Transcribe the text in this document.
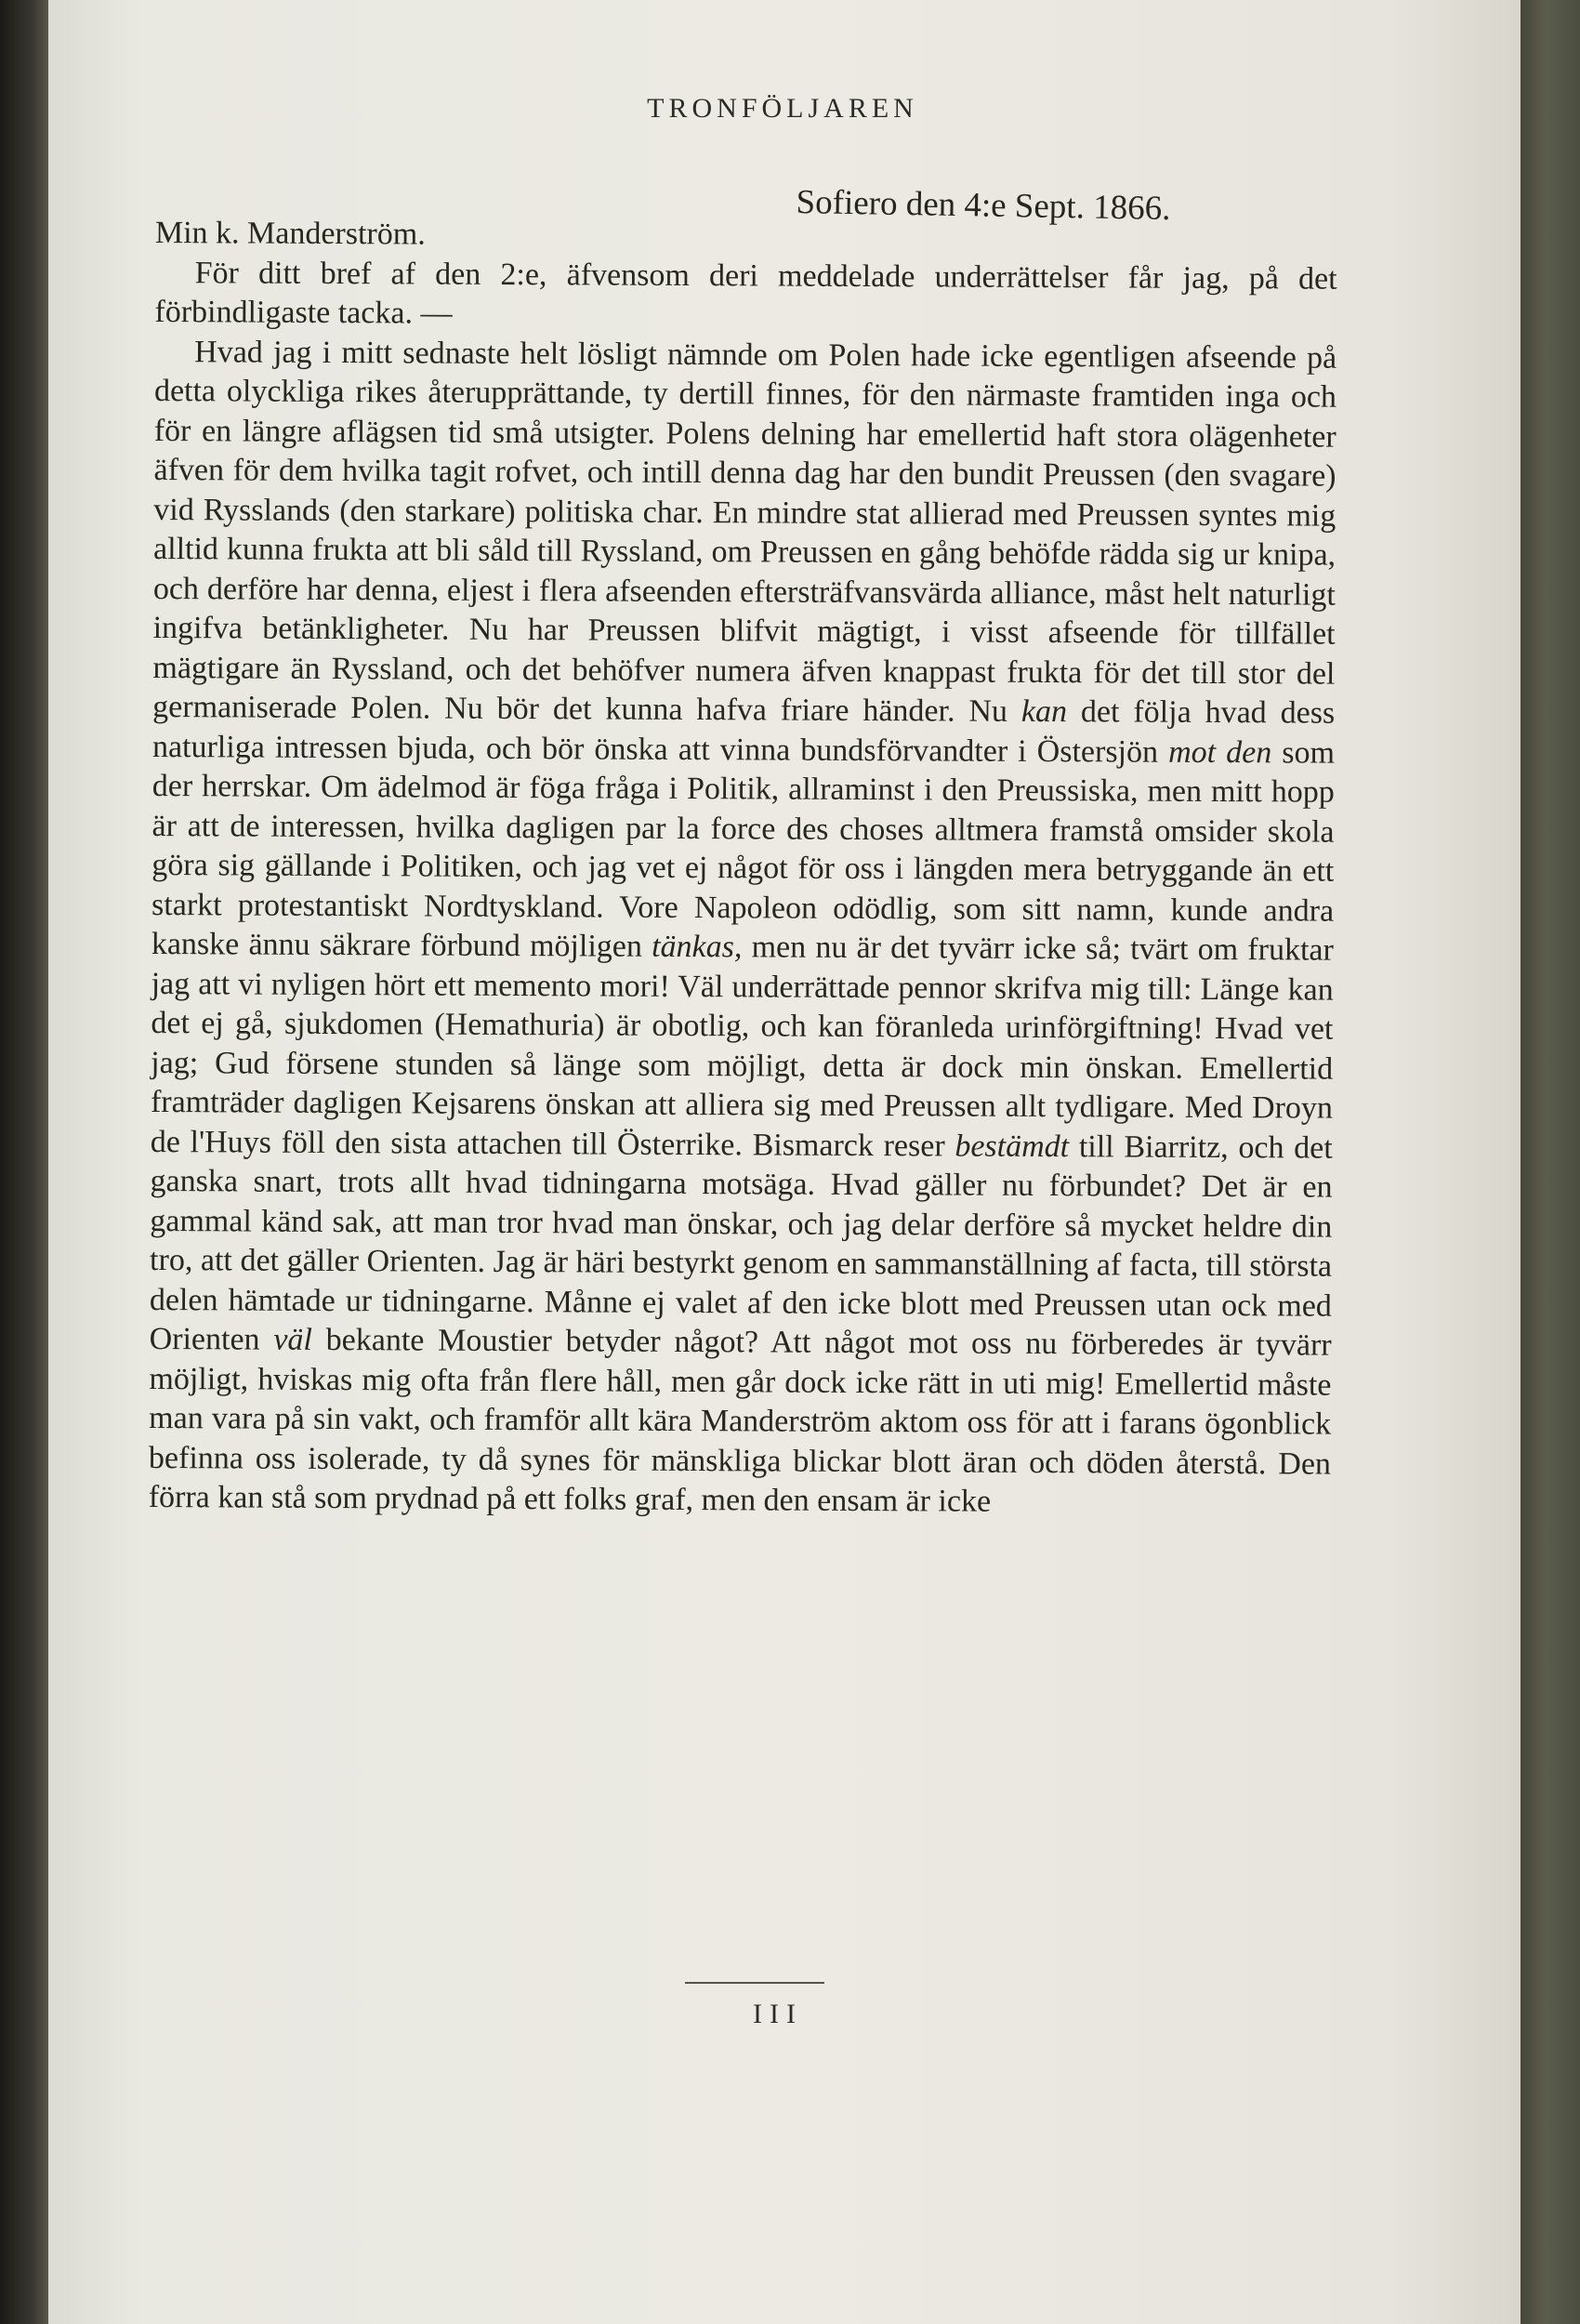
TRONFÖLJAREN
Sofiero den 4:e Sept. 1866.

Min k. Manderström.

För ditt bref af den 2:e, äfvensom deri meddelade underrättelser får jag, på det förbindligaste tacka. —

Hvad jag i mitt sednaste helt lösligt nämnde om Polen hade icke egentligen afseende på detta olyckliga rikes återupprättande, ty dertill finnes, för den närmaste framtiden inga och för en längre aflägsen tid små utsigter. Polens delning har emellertid haft stora olägenheter äfven för dem hvilka tagit rofvet, och intill denna dag har den bundit Preussen (den svagare) vid Rysslands (den starkare) politiska char. En mindre stat allierad med Preussen syntes mig alltid kunna frukta att bli såld till Ryssland, om Preussen en gång behöfde rädda sig ur knipa, och derföre har denna, eljest i flera afseenden eftersträfvansvärda alliance, måst helt naturligt ingifva betänkligheter. Nu har Preussen blifvit mägtigt, i visst afseende för tillfället mägtigare än Ryssland, och det behöfver numera äfven knappast frukta för det till stor del germaniserade Polen. Nu bör det kunna hafva friare händer. Nu kan det följa hvad dess naturliga intressen bjuda, och bör önska att vinna bundsförvandter i Östersjön mot den som der herrskar. Om ädelmod är föga fråga i Politik, allraminst i den Preussiska, men mitt hopp är att de interessen, hvilka dagligen par la force des choses alltmera framstå omsider skola göra sig gällande i Politiken, och jag vet ej något för oss i längden mera betryggande än ett starkt protestantiskt Nordtyskland. Vore Napoleon odödlig, som sitt namn, kunde andra kanske ännu säkrare förbund möjligen tänkas, men nu är det tyvärr icke så; tvärt om fruktar jag att vi nyligen hört ett memento mori! Väl underrättade pennor skrifva mig till: Länge kan det ej gå, sjukdomen (Hemathuria) är obotlig, och kan föranleda urinförgiftning! Hvad vet jag; Gud försene stunden så länge som möjligt, detta är dock min önskan. Emellertid framträder dagligen Kejsarens önskan att alliera sig med Preussen allt tydligare. Med Droyn de l'Huys föll den sista attachen till Österrike. Bismarck reser bestämdt till Biarritz, och det ganska snart, trots allt hvad tidningarna motsäga. Hvad gäller nu förbundet? Det är en gammal känd sak, att man tror hvad man önskar, och jag delar derföre så mycket heldre din tro, att det gäller Orienten. Jag är häri bestyrkt genom en sammanställning af facta, till största delen hämtade ur tidningarne. Månne ej valet af den icke blott med Preussen utan ock med Orienten väl bekante Moustier betyder något? Att något mot oss nu förberedes är tyvärr möjligt, hviskas mig ofta från flere håll, men går dock icke rätt in uti mig! Emellertid måste man vara på sin vakt, och framför allt kära Manderström aktom oss för att i farans ögonblick befinna oss isolerade, ty då synes för mänskliga blickar blott äran och döden återstå. Den förra kan stå som prydnad på ett folks graf, men den ensam är icke

III
